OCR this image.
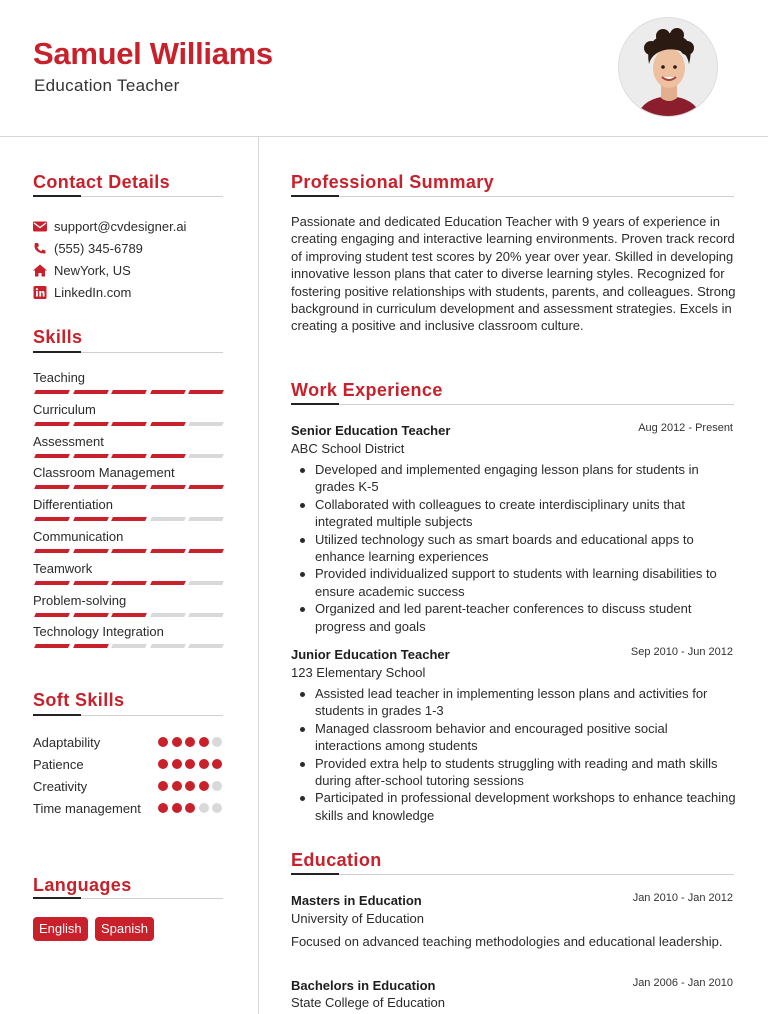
Samuel Williams
Education Teacher
Contact Details
support@cvdesigner.ai
(555) 345-6789
NewYork, US
LinkedIn.com
Skills
Teaching
Curriculum
Assessment
Classroom Management
Differentiation
Communication
Teamwork
Problem-solving
Technology Integration
Soft Skills
Adaptability
Patience
Creativity
Time management
Languages
English	Spanish
Professional Summary
Passionate and dedicated Education Teacher with 9 years of experience in creating engaging and interactive learning environments. Proven track record of improving student test scores by 20% year over year. Skilled in developing innovative lesson plans that cater to diverse learning styles. Recognized for fostering positive relationships with students, parents, and colleagues. Strong background in curriculum development and assessment strategies. Excels in creating a positive and inclusive classroom culture.
Work Experience
Senior Education Teacher	Aug 2012 - Present
ABC School District
Developed and implemented engaging lesson plans for students in grades K-5
Collaborated with colleagues to create interdisciplinary units that integrated multiple subjects
Utilized technology such as smart boards and educational apps to enhance learning experiences
Provided individualized support to students with learning disabilities to ensure academic success
Organized and led parent-teacher conferences to discuss student progress and goals
Junior Education Teacher	Sep 2010 - Jun 2012
123 Elementary School
Assisted lead teacher in implementing lesson plans and activities for students in grades 1-3
Managed classroom behavior and encouraged positive social interactions among students
Provided extra help to students struggling with reading and math skills during after-school tutoring sessions
Participated in professional development workshops to enhance teaching skills and knowledge
Education
Masters in Education	Jan 2010 - Jan 2012
University of Education
Focused on advanced teaching methodologies and educational leadership.
Bachelors in Education	Jan 2006 - Jan 2010
State College of Education
